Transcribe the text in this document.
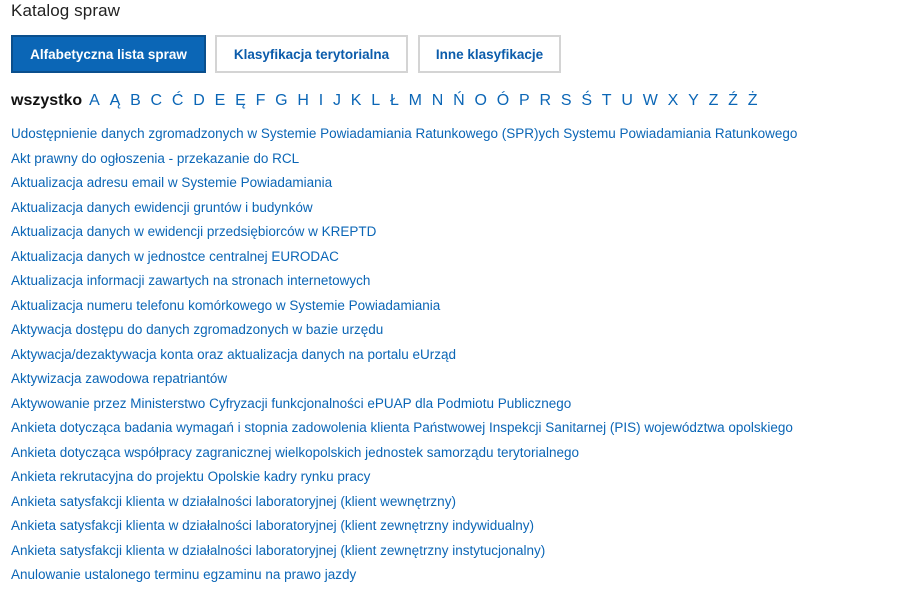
Katalog spraw
Alfabetyczna lista spraw	Klasyfikacja terytorialna	Inne klasyfikacje
wszystko A Ą B C Ć D E Ę F G H I J K L Ł M N Ń O Ó P R S Ś T U W X Y Z Ź Ż
Udostępnienie danych zgromadzonych w Systemie Powiadamiania Ratunkowego (SPR)ych Systemu Powiadamiania Ratunkowego
Akt prawny do ogłoszenia - przekazanie do RCL
Aktualizacja adresu email w Systemie Powiadamiania
Aktualizacja danych ewidencji gruntów i budynków
Aktualizacja danych w ewidencji przedsiębiorców w KREPTD
Aktualizacja danych w jednostce centralnej EURODAC
Aktualizacja informacji zawartych na stronach internetowych
Aktualizacja numeru telefonu komórkowego w Systemie Powiadamiania
Aktywacja dostępu do danych zgromadzonych w bazie urzędu
Aktywacja/dezaktywacja konta oraz aktualizacja danych na portalu eUrząd
Aktywizacja zawodowa repatriantów
Aktywowanie przez Ministerstwo Cyfryzacji funkcjonalności ePUAP dla Podmiotu Publicznego
Ankieta dotycząca badania wymagań i stopnia zadowolenia klienta Państwowej Inspekcji Sanitarnej (PIS) województwa opolskiego
Ankieta dotycząca współpracy zagranicznej wielkopolskich jednostek samorządu terytorialnego
Ankieta rekrutacyjna do projektu Opolskie kadry rynku pracy
Ankieta satysfakcji klienta w działalności laboratoryjnej (klient wewnętrzny)
Ankieta satysfakcji klienta w działalności laboratoryjnej (klient zewnętrzny indywidualny)
Ankieta satysfakcji klienta w działalności laboratoryjnej (klient zewnętrzny instytucjonalny)
Anulowanie ustalonego terminu egzaminu na prawo jazdy
